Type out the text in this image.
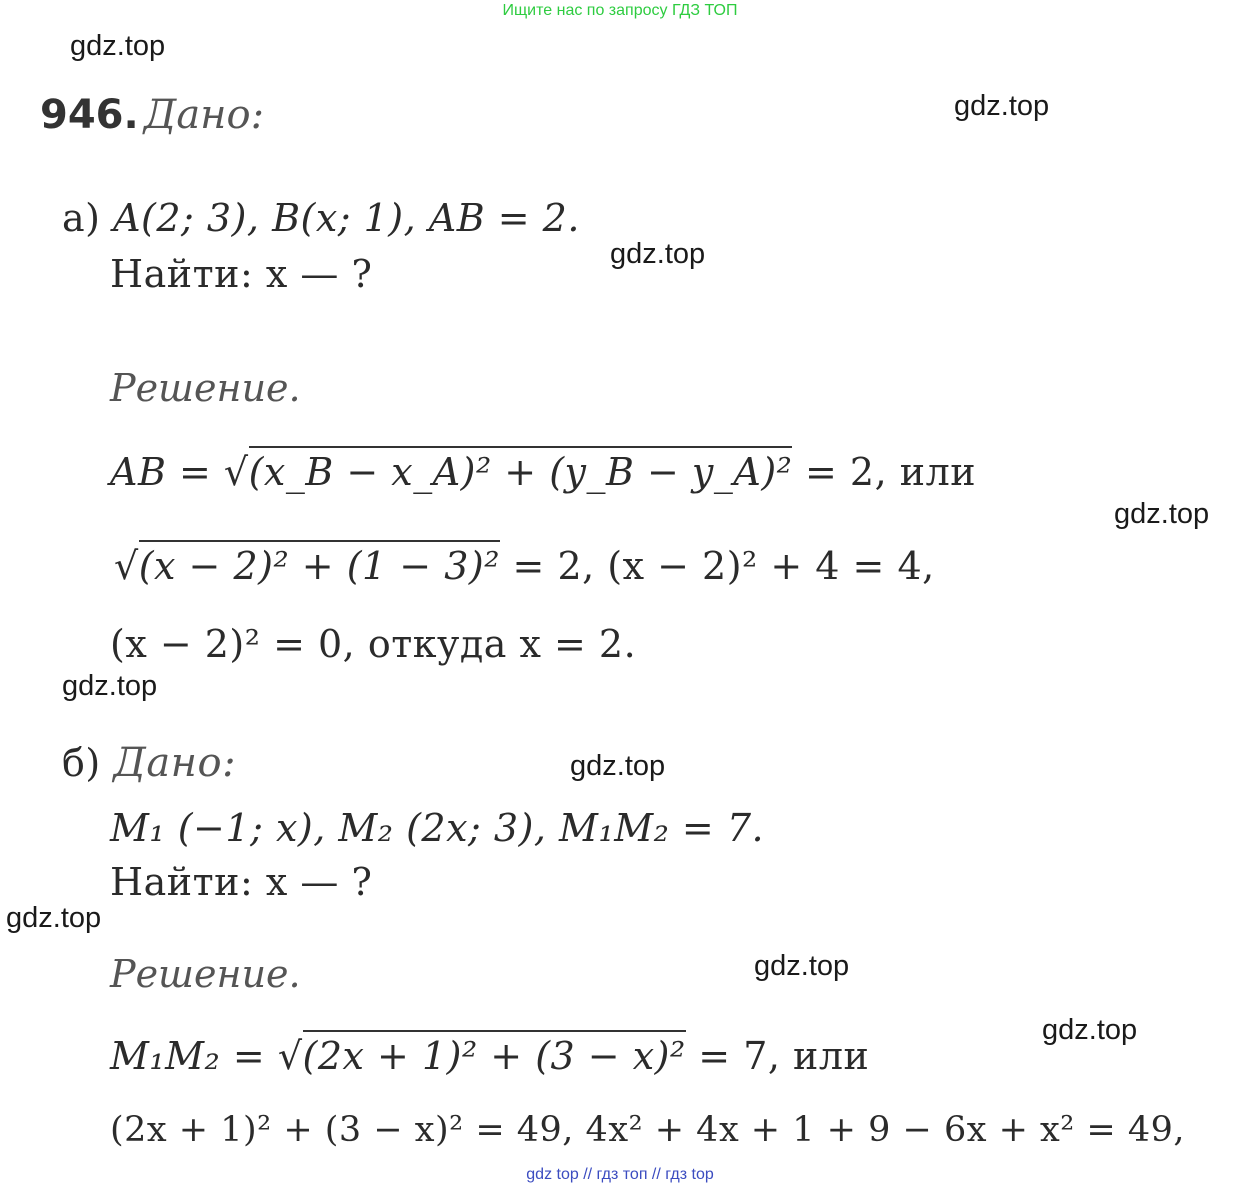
Ищите нас по запросу ГДЗ ТОП
gdz.top
gdz.top
gdz.top
gdz.top
gdz.top
gdz.top
gdz.top
gdz.top
gdz.top
946. Дано:
а) A(2; 3), B(x; 1), AB = 2.
Найти: x — ?
Решение.
AB = √(x_B − x_A)² + (y_B − y_A)² = 2, или
√(x − 2)² + (1 − 3)² = 2, (x − 2)² + 4 = 4,
(x − 2)² = 0, откуда x = 2.
б) Дано:
M₁ (−1; x), M₂ (2x; 3), M₁M₂ = 7.
Найти: x — ?
Решение.
M₁M₂ = √(2x + 1)² + (3 − x)² = 7, или
(2x + 1)² + (3 − x)² = 49, 4x² + 4x + 1 + 9 − 6x + x² = 49,
gdz top // гдз топ // гдз top
